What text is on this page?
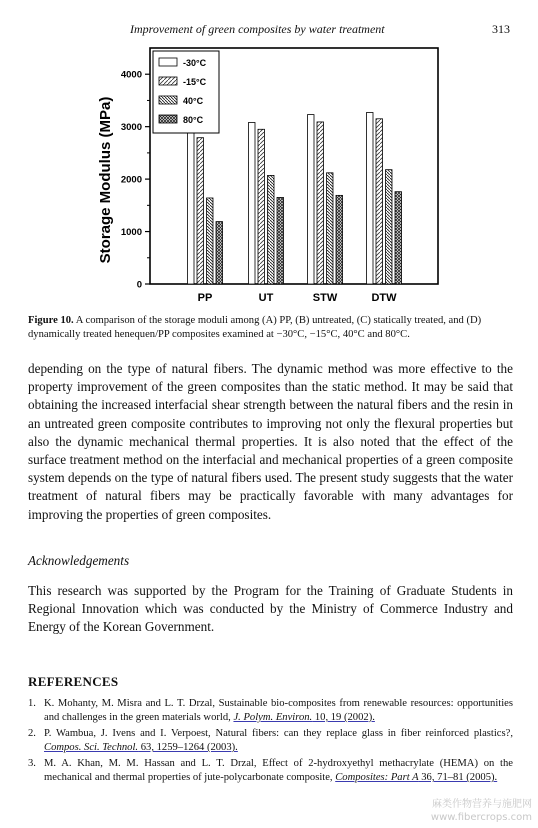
Improvement of green composites by water treatment	313
0
1000
2000
3000
4000
Storage Modulus (MPa)
PP	UT	STW	DTW
-30°C
-15°C
40°C
80°C
Figure 10. A comparison of the storage moduli among (A) PP, (B) untreated, (C) statically treated, and (D) dynamically treated henequen/PP composites examined at −30°C, −15°C, 40°C and 80°C.
depending on the type of natural fibers. The dynamic method was more effective to the property improvement of the green composites than the static method. It may be said that obtaining the increased interfacial shear strength between the natural fibers and the resin in an untreated green composite contributes to improving not only the flexural properties but also the dynamic mechanical thermal properties. It is also noted that the effect of the surface treatment method on the interfacial and mechanical properties of a green composite system depends on the type of natural fibers used. The present study suggests that the water treatment of natural fibers may be practically favorable with many advantages for improving the properties of green composites.
Acknowledgements
This research was supported by the Program for the Training of Graduate Students in Regional Innovation which was conducted by the Ministry of Commerce Industry and Energy of the Korean Government.
REFERENCES
1. K. Mohanty, M. Misra and L. T. Drzal, Sustainable bio-composites from renewable resources: opportunities and challenges in the green materials world, J. Polym. Environ. 10, 19 (2002).
2. P. Wambua, J. Ivens and I. Verpoest, Natural fibers: can they replace glass in fiber reinforced plastics?, Compos. Sci. Technol. 63, 1259–1264 (2003).
3. M. A. Khan, M. M. Hassan and L. T. Drzal, Effect of 2-hydroxyethyl methacrylate (HEMA) on the mechanical and thermal properties of jute-polycarbonate composite, Composites: Part A 36, 71–81 (2005).
麻类作物营养与施肥网
www.fibercrops.com
